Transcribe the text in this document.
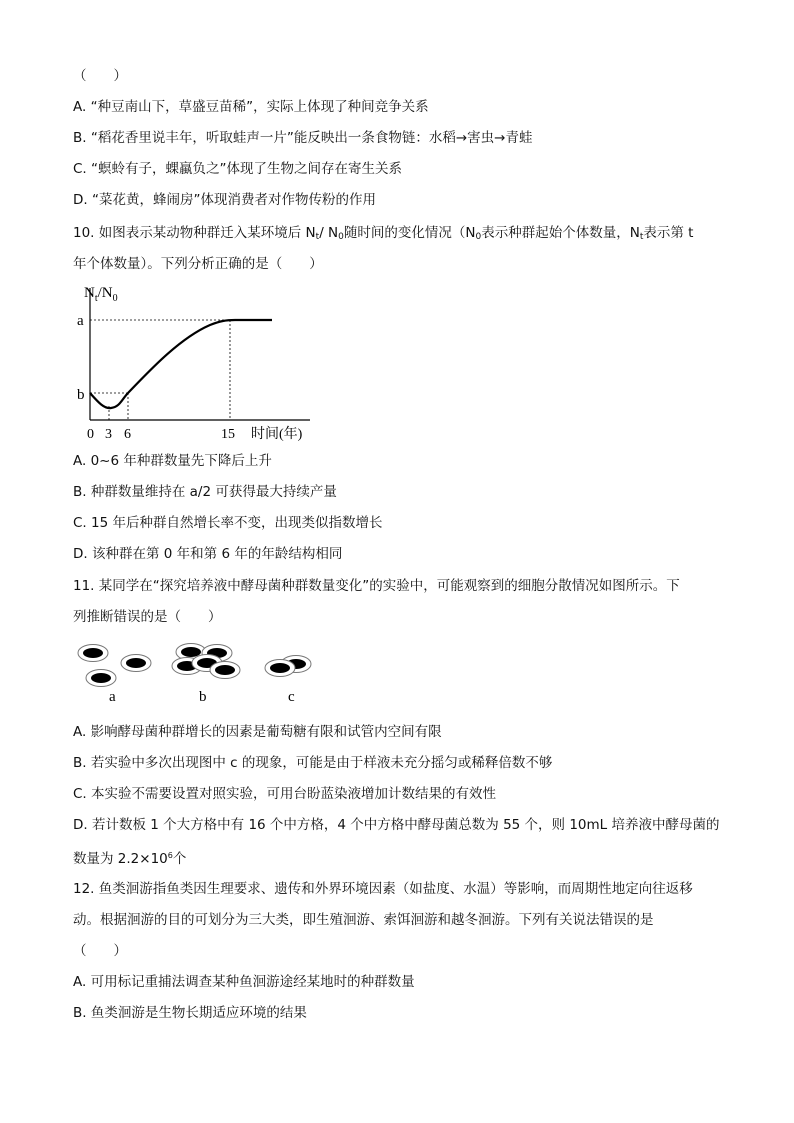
（　　）
A. “种豆南山下，草盛豆苗稀”，实际上体现了种间竞争关系
B. “稻花香里说丰年，听取蛙声一片”能反映出一条食物链：水稻→害虫→青蛙
C. “螟蛉有子，蜾蠃负之”体现了生物之间存在寄生关系
D. “菜花黄，蜂闹房”体现消费者对作物传粉的作用
10. 如图表示某动物种群迁入某环境后 $N_t/$ $N_0$随时间的变化情况（$N_0$表示种群起始个体数量，$N_t$表示第 t
年个体数量）。下列分析正确的是（　　）
$N_t/N_0$
a
b
0 3 6	15 时间(年)
A. 0~6 年种群数量先下降后上升
B. 种群数量维持在 a/2 可获得最大持续产量
C. 15 年后种群自然增长率不变，出现类似指数增长
D. 该种群在第 0 年和第 6 年的年龄结构相同
11. 某同学在“探究培养液中酵母菌种群数量变化”的实验中，可能观察到的细胞分散情况如图所示。下
列推断错误的是（　　）
a	b	c
A. 影响酵母菌种群增长的因素是葡萄糖有限和试管内空间有限
B. 若实验中多次出现图中 c 的现象，可能是由于样液未充分摇匀或稀释倍数不够
C. 本实验不需要设置对照实验，可用台盼蓝染液增加计数结果的有效性
D. 若计数板 1 个大方格中有 16 个中方格，4 个中方格中酵母菌总数为 55 个，则 10mL 培养液中酵母菌的
数量为 $2.2\times 10^6$个
12. 鱼类洄游指鱼类因生理要求、遗传和外界环境因素（如盐度、水温）等影响，而周期性地定向往返移
动。根据洄游的目的可划分为三大类，即生殖洄游、索饵洄游和越冬洄游。下列有关说法错误的是
（　　）
A. 可用标记重捕法调查某种鱼洄游途经某地时的种群数量
B. 鱼类洄游是生物长期适应环境的结果
